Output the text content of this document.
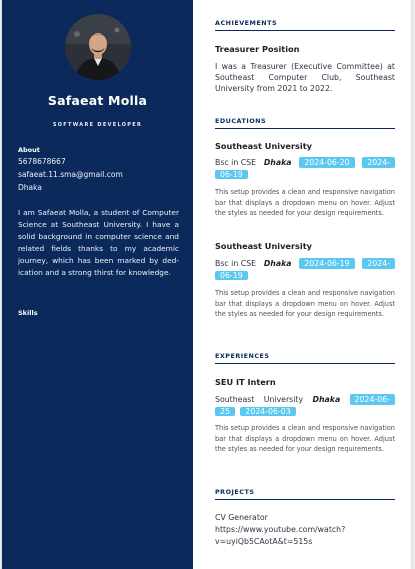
Safaeat Molla
SOFTWARE DEVELOPER
About
5678678667
safaeat.11.sma@gmail.com
Dhaka
I am Safaeat Molla, a student of Computer Science at Southeast University. I have a solid background in computer science and related fields thanks to my academic journey, which has been marked by dedication and a strong thirst for knowledge.
Skills
ACHIEVEMENTS
Treasurer Position
I was a Treasurer (Executive Committee) at Southeast Computer Club, Southeast University from 2021 to 2022.
EDUCATIONS
Southeast University
Bsc in CSE Dhaka	2024-06-20	2024-
06-19
This setup provides a clean and responsive navigation bar that displays a dropdown menu on hover. Adjust the styles as needed for your design requirements.
Southeast University
Bsc in CSE Dhaka	2024-06-19	2024-
06-19
This setup provides a clean and responsive navigation bar that displays a dropdown menu on hover. Adjust the styles as needed for your design requirements.
EXPERIENCES
SEU IT Intern
Southeast University Dhaka	2024-06-
25 2024-06-03
This setup provides a clean and responsive navigation bar that displays a dropdown menu on hover. Adjust the styles as needed for your design requirements.
PROJECTS
CV Generator
https://www.youtube.com/watch?
v=uyiQb5CAotA&t=515s
